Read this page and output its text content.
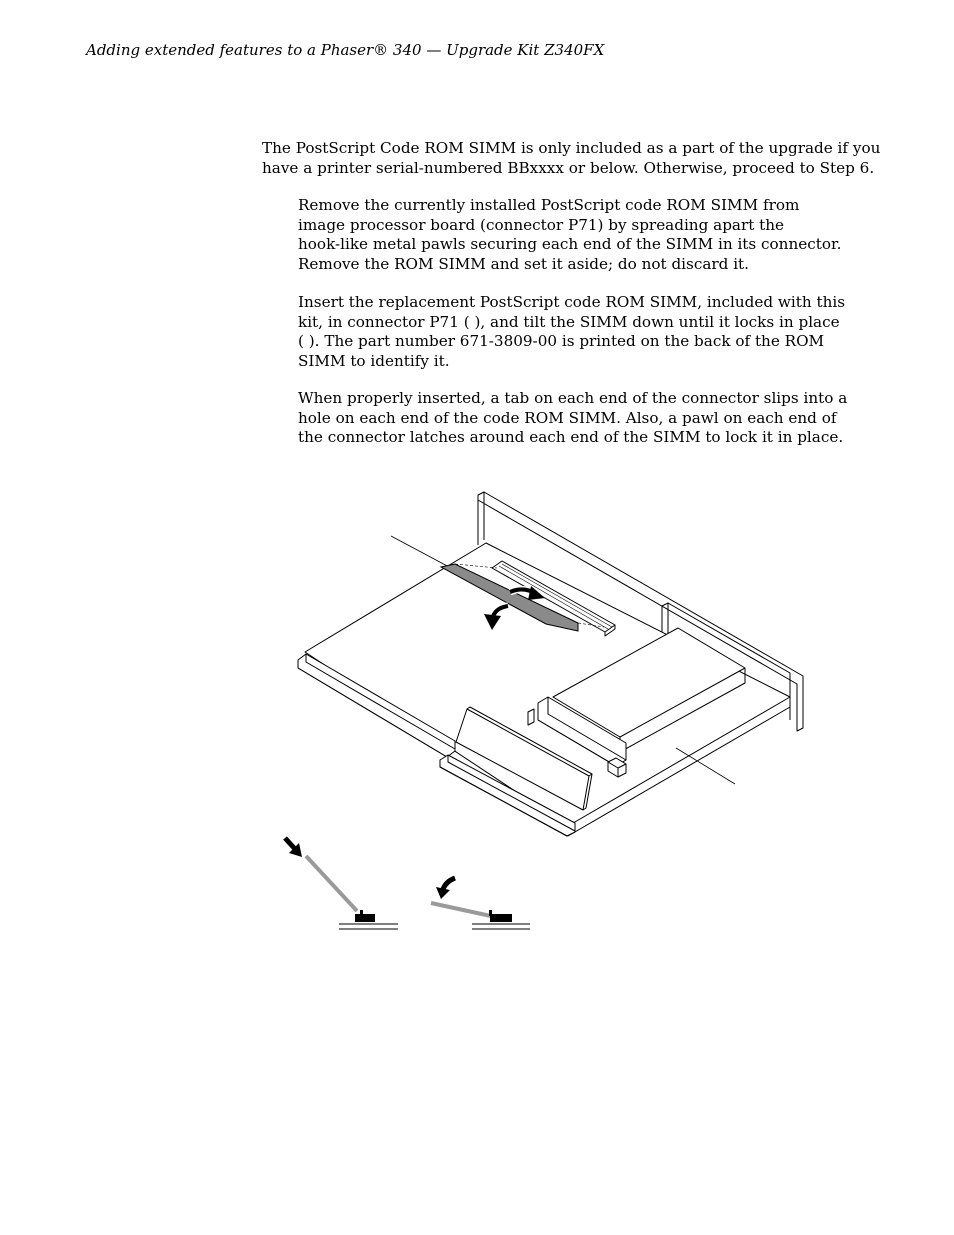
Adding extended features to a Phaser® 340 — Upgrade Kit Z340FX

The PostScript Code ROM SIMM is only included as a part of the upgrade if you
have a printer serial-numbered BBxxxx or below. Otherwise, proceed to Step 6.

Remove the currently installed PostScript code ROM SIMM from
image processor board (connector P71) by spreading apart the
hook-like metal pawls securing each end of the SIMM in its connector.
Remove the ROM SIMM and set it aside; do not discard it.

Insert the replacement PostScript code ROM SIMM, included with this
kit, in connector P71 ( ), and tilt the SIMM down until it locks in place
( ). The part number 671-3809-00 is printed on the back of the ROM
SIMM to identify it.

When properly inserted, a tab on each end of the connector slips into a
hole on each end of the code ROM SIMM. Also, a pawl on each end of
the connector latches around each end of the SIMM to lock it in place.
